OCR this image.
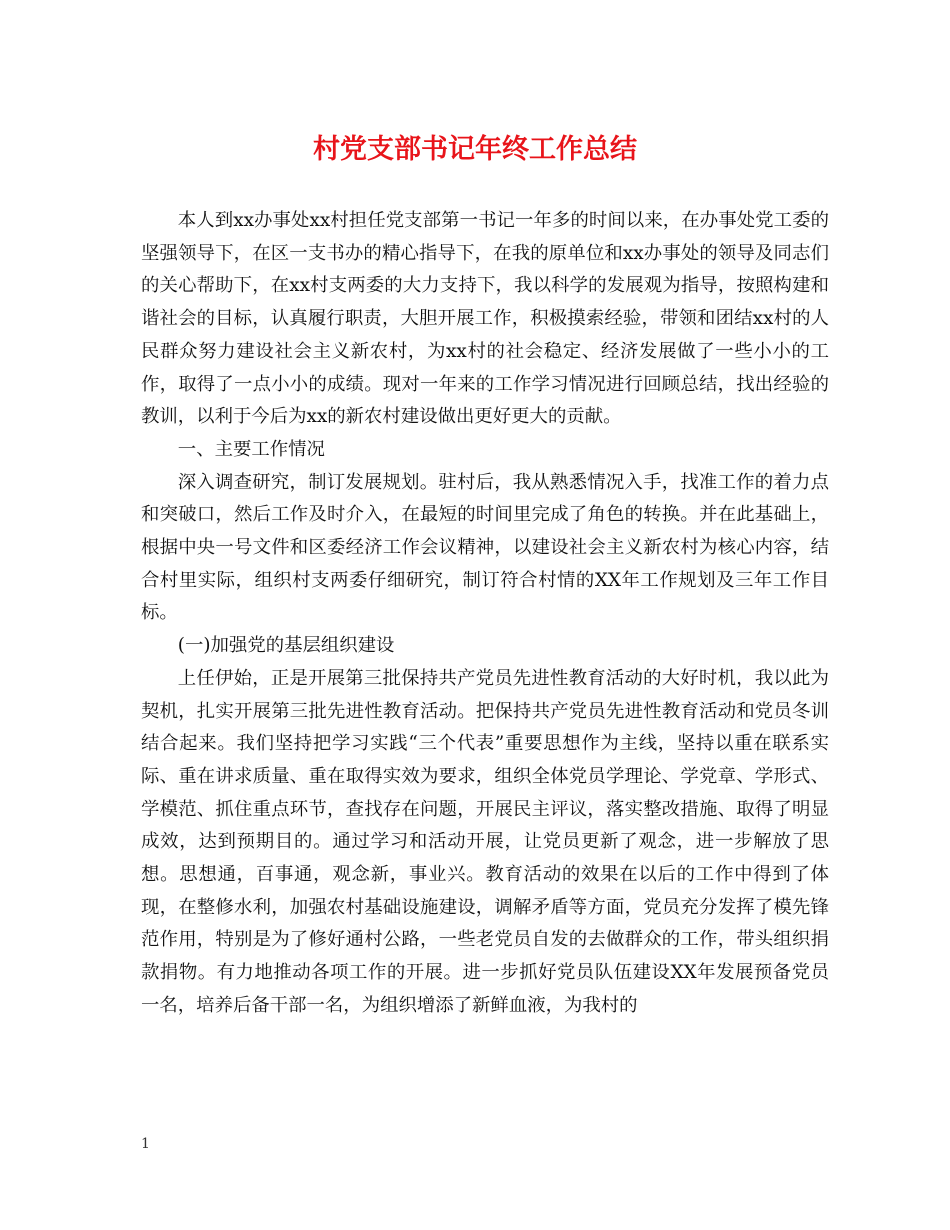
村党支部书记年终工作总结

本人到xx办事处xx村担任党支部第一书记一年多的时间以来，在办事处党工委的坚强领导下，在区一支书办的精心指导下，在我的原单位和xx办事处的领导及同志们的关心帮助下，在xx村支两委的大力支持下，我以科学的发展观为指导，按照构建和谐社会的目标，认真履行职责，大胆开展工作，积极摸索经验，带领和团结xx村的人民群众努力建设社会主义新农村，为xx村的社会稳定、经济发展做了一些小小的工作，取得了一点小小的成绩。现对一年来的工作学习情况进行回顾总结，找出经验的教训，以利于今后为xx的新农村建设做出更好更大的贡献。

一、主要工作情况

深入调查研究，制订发展规划。驻村后，我从熟悉情况入手，找准工作的着力点和突破口，然后工作及时介入，在最短的时间里完成了角色的转换。并在此基础上，根据中央一号文件和区委经济工作会议精神，以建设社会主义新农村为核心内容，结合村里实际，组织村支两委仔细研究，制订符合村情的XX年工作规划及三年工作目标。

(一)加强党的基层组织建设

上任伊始，正是开展第三批保持共产党员先进性教育活动的大好时机，我以此为契机，扎实开展第三批先进性教育活动。把保持共产党员先进性教育活动和党员冬训结合起来。我们坚持把学习实践“三个代表”重要思想作为主线，坚持以重在联系实际、重在讲求质量、重在取得实效为要求，组织全体党员学理论、学党章、学形式、学模范、抓住重点环节，查找存在问题，开展民主评议，落实整改措施、取得了明显成效，达到预期目的。通过学习和活动开展，让党员更新了观念，进一步解放了思想。思想通，百事通，观念新，事业兴。教育活动的效果在以后的工作中得到了体现，在整修水利，加强农村基础设施建设，调解矛盾等方面，党员充分发挥了模先锋范作用，特别是为了修好通村公路，一些老党员自发的去做群众的工作，带头组织捐款捐物。有力地推动各项工作的开展。进一步抓好党员队伍建设XX年发展预备党员一名，培养后备干部一名，为组织增添了新鲜血液，为我村的

1
